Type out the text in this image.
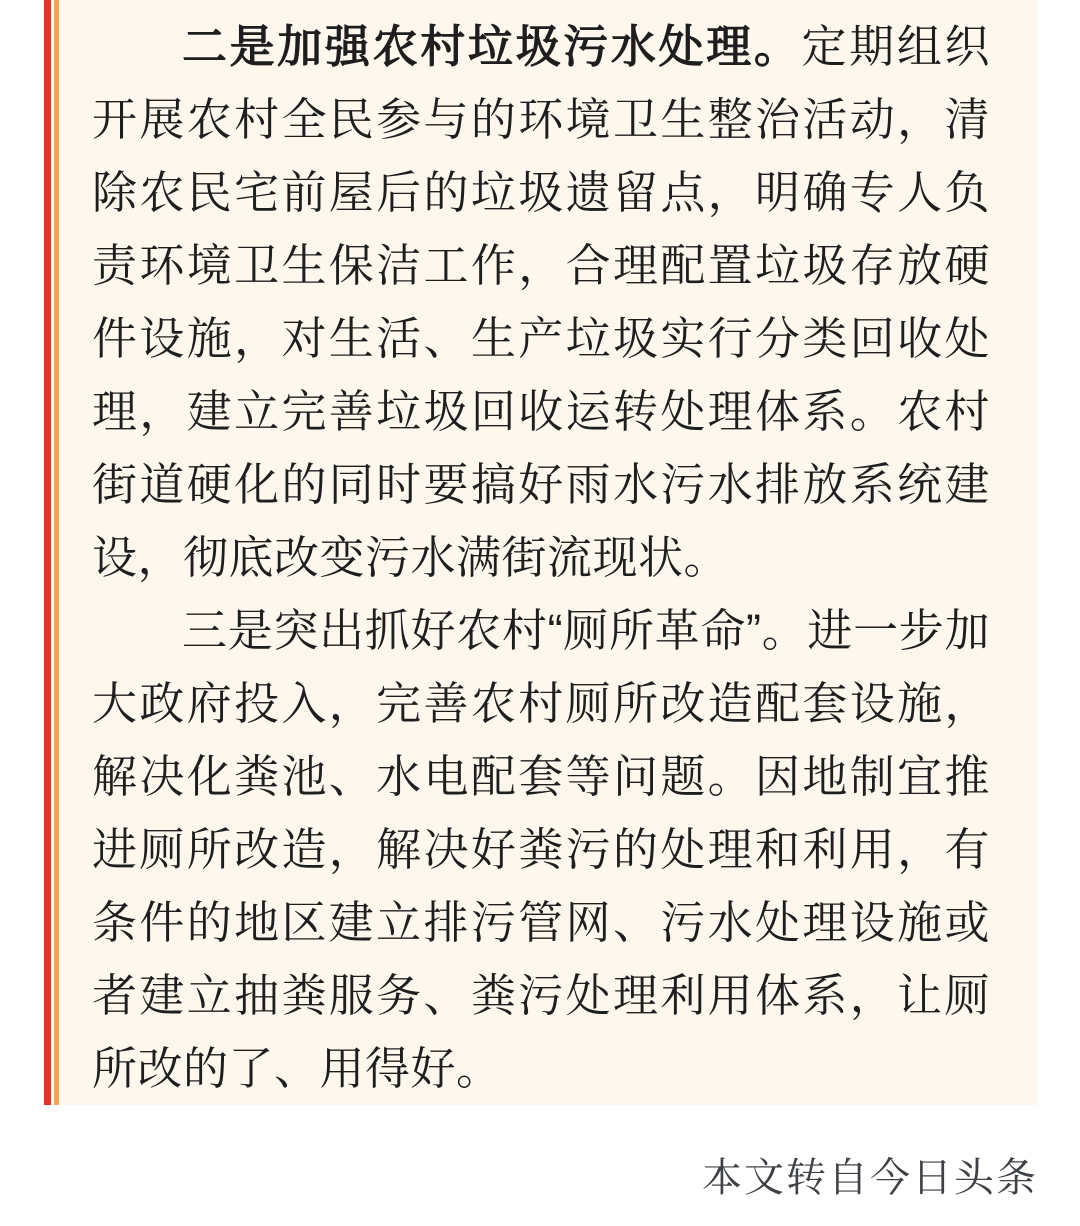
二是加强农村垃圾污水处理。定期组织开展农村全民参与的环境卫生整治活动，清除农民宅前屋后的垃圾遗留点，明确专人负责环境卫生保洁工作，合理配置垃圾存放硬件设施，对生活、生产垃圾实行分类回收处理，建立完善垃圾回收运转处理体系。农村街道硬化的同时要搞好雨水污水排放系统建设，彻底改变污水满街流现状。

三是突出抓好农村“厕所革命”。进一步加大政府投入，完善农村厕所改造配套设施，解决化粪池、水电配套等问题。因地制宜推进厕所改造，解决好粪污的处理和利用，有条件的地区建立排污管网、污水处理设施或者建立抽粪服务、粪污处理利用体系，让厕所改的了、用得好。

本文转自今日头条
